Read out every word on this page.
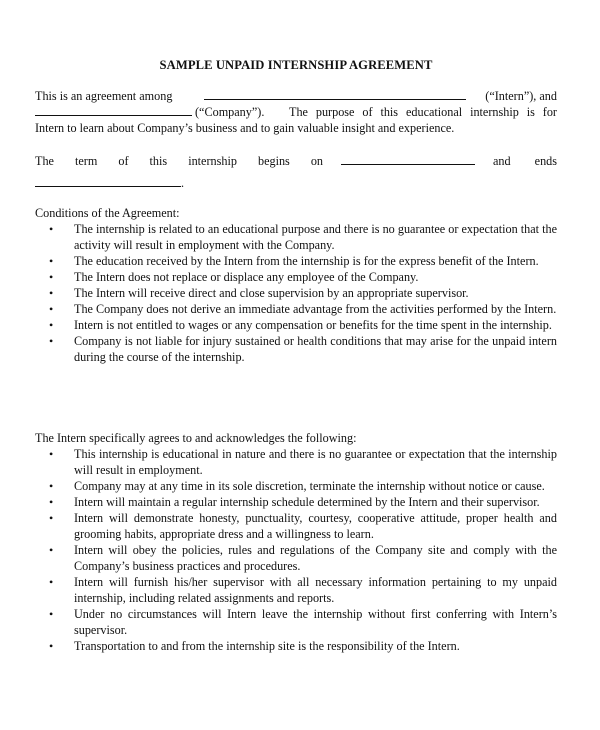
SAMPLE UNPAID INTERNSHIP AGREEMENT
This is an agreement among	(“Intern”), and
(“Company”). The purpose of this educational internship is for
Intern to learn about Company’s business and to gain valuable insight and experience.
The term of this internship begins on	and ends
.
Conditions of the Agreement:
• The internship is related to an educational purpose and there is no guarantee or expectation that the activity will result in employment with the Company.
• The education received by the Intern from the internship is for the express benefit of the Intern.
• The Intern does not replace or displace any employee of the Company.
• The Intern will receive direct and close supervision by an appropriate supervisor.
• The Company does not derive an immediate advantage from the activities performed by the Intern.
• Intern is not entitled to wages or any compensation or benefits for the time spent in the internship.
• Company is not liable for injury sustained or health conditions that may arise for the unpaid intern during the course of the internship.
The Intern specifically agrees to and acknowledges the following:
• This internship is educational in nature and there is no guarantee or expectation that the internship will result in employment.
• Company may at any time in its sole discretion, terminate the internship without notice or cause.
• Intern will maintain a regular internship schedule determined by the Intern and their supervisor.
• Intern will demonstrate honesty, punctuality, courtesy, cooperative attitude, proper health and grooming habits, appropriate dress and a willingness to learn.
• Intern will obey the policies, rules and regulations of the Company site and comply with the Company’s business practices and procedures.
• Intern will furnish his/her supervisor with all necessary information pertaining to my unpaid internship, including related assignments and reports.
• Under no circumstances will Intern leave the internship without first conferring with Intern’s supervisor.
• Transportation to and from the internship site is the responsibility of the Intern.
